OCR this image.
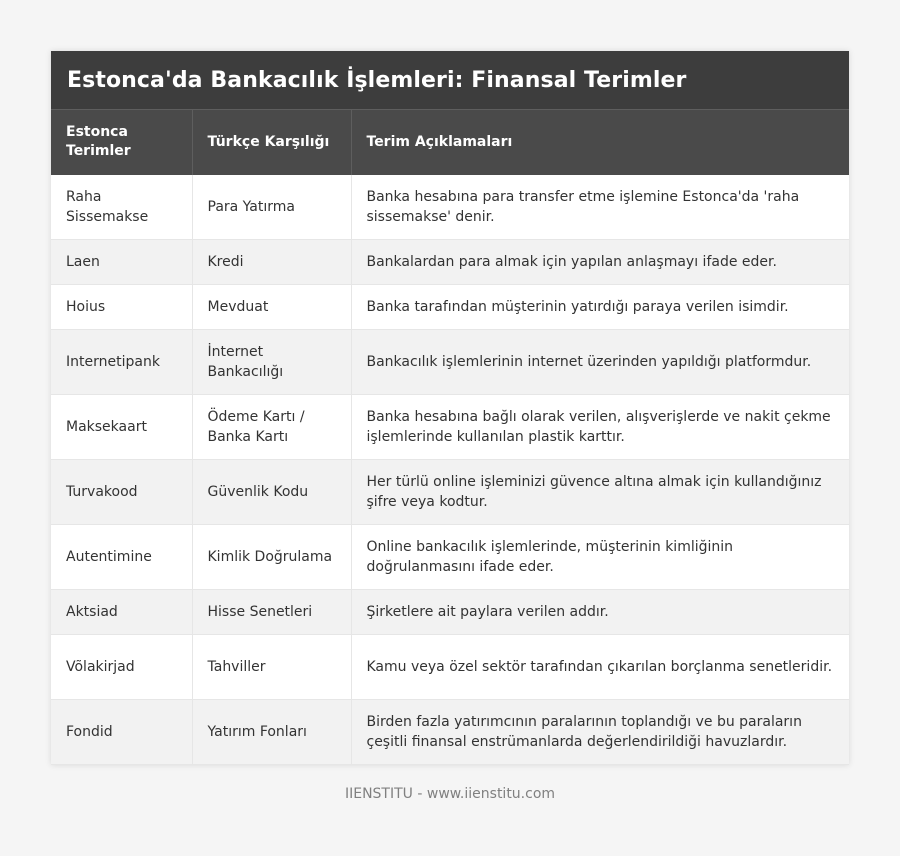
Estonca'da Bankacılık İşlemleri: Finansal Terimler
Estonca Terimler	Türkçe Karşılığı	Terim Açıklamaları
Raha Sissemakse	Para Yatırma	Banka hesabına para transfer etme işlemine Estonca'da 'raha sissemakse' denir.
Laen	Kredi	Bankalardan para almak için yapılan anlaşmayı ifade eder.
Hoius	Mevduat	Banka tarafından müşterinin yatırdığı paraya verilen isimdir.
Internetipank	İnternet Bankacılığı	Bankacılık işlemlerinin internet üzerinden yapıldığı platformdur.
Maksekaart	Ödeme Kartı / Banka Kartı	Banka hesabına bağlı olarak verilen, alışverişlerde ve nakit çekme işlemlerinde kullanılan plastik karttır.
Turvakood	Güvenlik Kodu	Her türlü online işleminizi güvence altına almak için kullandığınız şifre veya kodtur.
Autentimine	Kimlik Doğrulama	Online bankacılık işlemlerinde, müşterinin kimliğinin doğrulanmasını ifade eder.
Aktsiad	Hisse Senetleri	Şirketlere ait paylara verilen addır.
Võlakirjad	Tahviller	Kamu veya özel sektör tarafından çıkarılan borçlanma senetleridir.
Fondid	Yatırım Fonları	Birden fazla yatırımcının paralarının toplandığı ve bu paraların çeşitli finansal enstrümanlarda değerlendirildiği havuzlardır.
IIENSTITU - www.iienstitu.com
